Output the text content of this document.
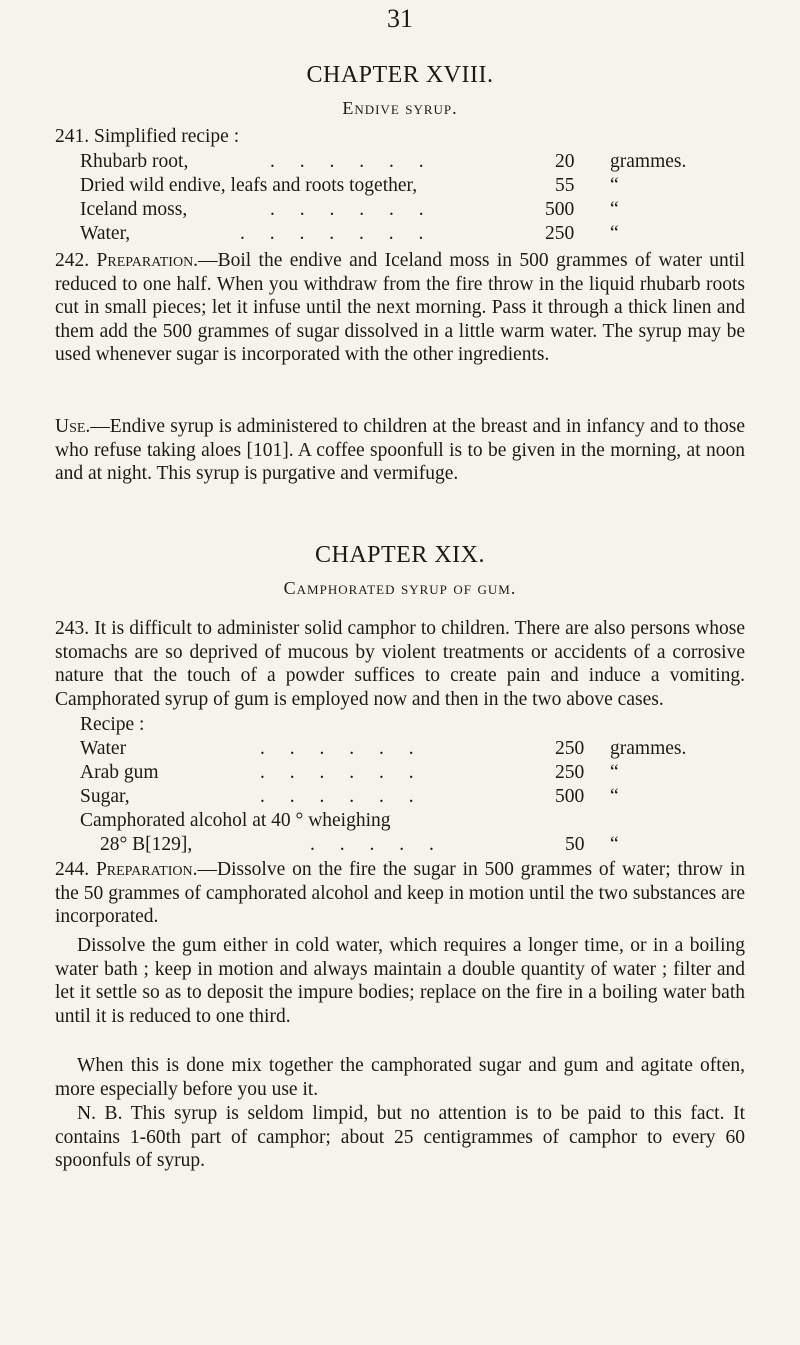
31
CHAPTER XVIII.
Endive syrup.
241. Simplified recipe :
Rhubarb root,	. . . . . .	20 grammes.
Dried wild endive, leafs and roots together,	55 “
Iceland moss,	. . . . . .	500 “
Water,	. . . . . . .	250 “
242. Preparation.—Boil the endive and Iceland moss in 500 grammes of water until reduced to one half. When you withdraw from the fire throw in the liquid rhubarb roots cut in small pieces; let it infuse until the next morning. Pass it through a thick linen and them add the 500 grammes of sugar dissolved in a little warm water. The syrup may be used whenever sugar is incorporated with the other ingredients.
Use.—Endive syrup is administered to children at the breast and in infancy and to those who refuse taking aloes [101]. A coffee spoonfull is to be given in the morning, at noon and at night. This syrup is purgative and vermifuge.
CHAPTER XIX.
Camphorated syrup of gum.
243. It is difficult to administer solid camphor to children. There are also persons whose stomachs are so deprived of mucous by violent treatments or accidents of a corrosive nature that the touch of a powder suffices to create pain and induce a vomiting. Camphorated syrup of gum is employed now and then in the two above cases.
Recipe :
Water	. . . . . .	250 grammes.
Arab gum	. . . . . .	250 “
Sugar,	. . . . . .	500 “
Camphorated alcohol at 40 ° wheighing
28° B[129],	. . . . .	50 “
244. Preparation.—Dissolve on the fire the sugar in 500 grammes of water; throw in the 50 grammes of camphorated alcohol and keep in motion until the two substances are incorporated.
Dissolve the gum either in cold water, which requires a longer time, or in a boiling water bath ; keep in motion and always maintain a double quantity of water ; filter and let it settle so as to deposit the impure bodies; replace on the fire in a boiling water bath until it is reduced to one third.
When this is done mix together the camphorated sugar and gum and agitate often, more especially before you use it.
N. B. This syrup is seldom limpid, but no attention is to be paid to this fact. It contains 1-60th part of camphor; about 25 centigrammes of camphor to every 60 spoonfuls of syrup.
